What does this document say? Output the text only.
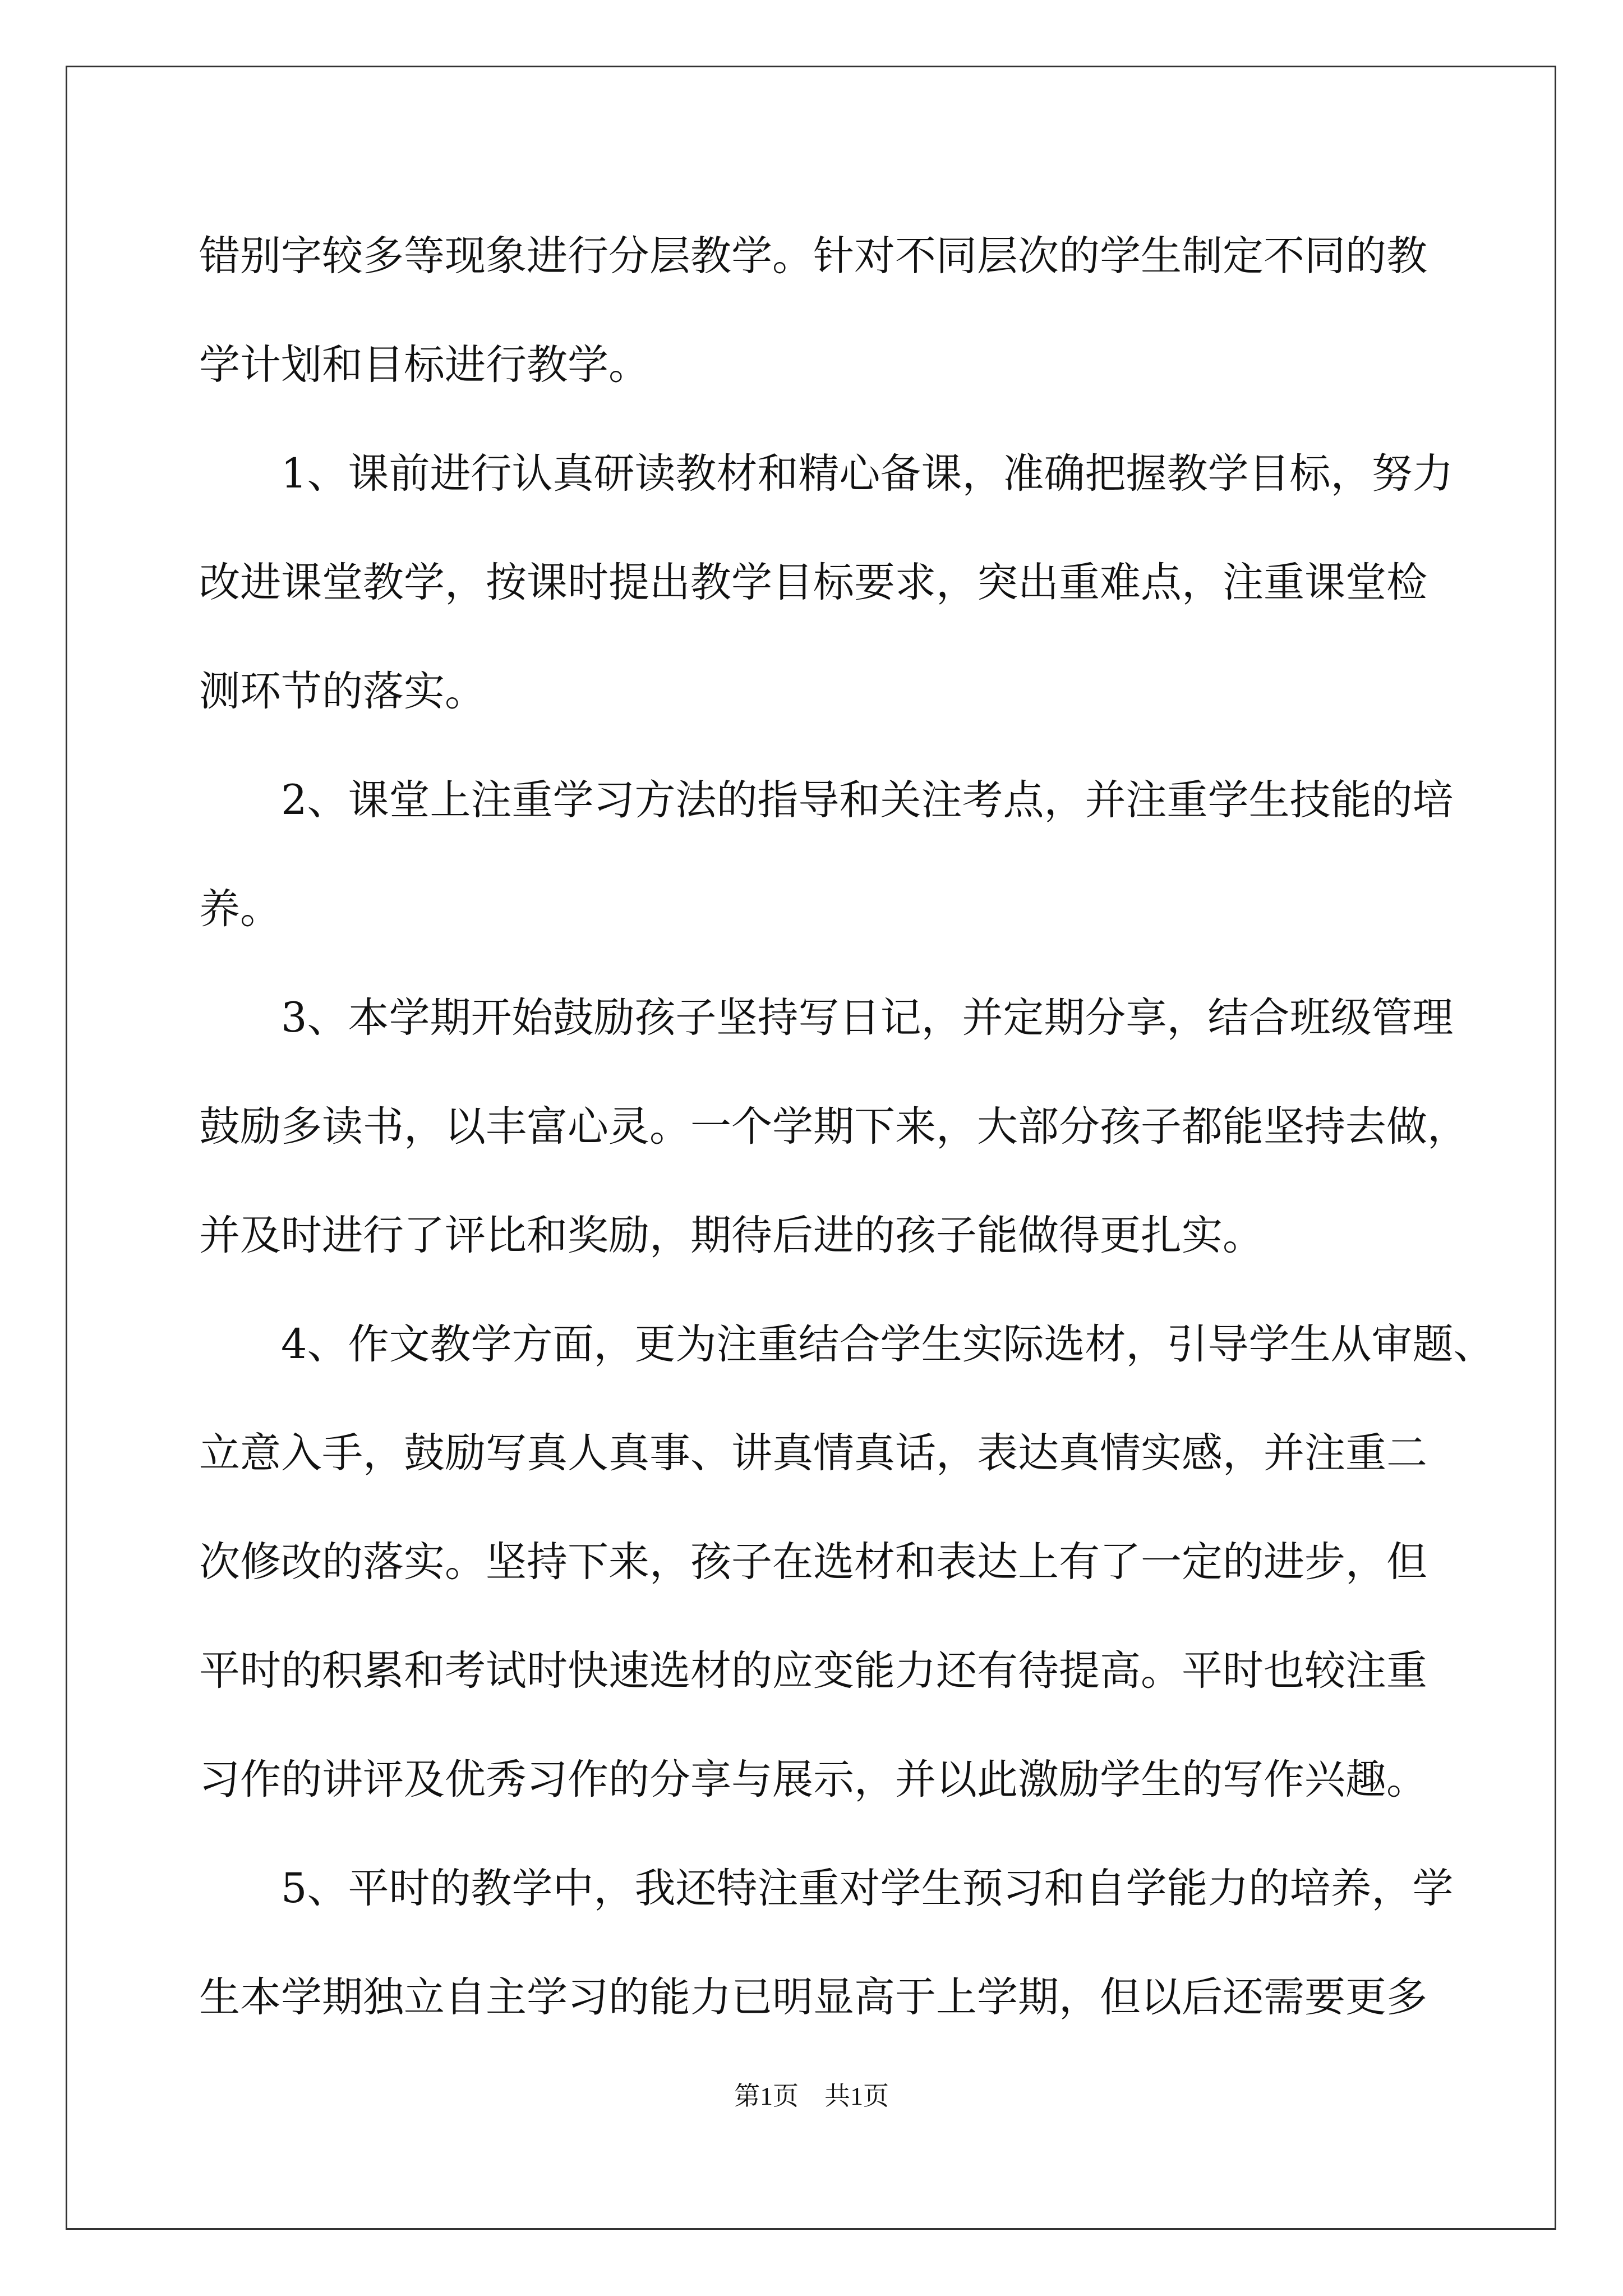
错别字较多等现象进行分层教学。针对不同层次的学生制定不同的教
学计划和目标进行教学。
1、课前进行认真研读教材和精心备课，准确把握教学目标，努力
改进课堂教学，按课时提出教学目标要求，突出重难点，注重课堂检
测环节的落实。
2、课堂上注重学习方法的指导和关注考点，并注重学生技能的培
养。
3、本学期开始鼓励孩子坚持写日记，并定期分享，结合班级管理
鼓励多读书，以丰富心灵。一个学期下来，大部分孩子都能坚持去做，
并及时进行了评比和奖励，期待后进的孩子能做得更扎实。
4、作文教学方面，更为注重结合学生实际选材，引导学生从审题、
立意入手，鼓励写真人真事、讲真情真话，表达真情实感，并注重二
次修改的落实。坚持下来，孩子在选材和表达上有了一定的进步，但
平时的积累和考试时快速选材的应变能力还有待提高。平时也较注重
习作的讲评及优秀习作的分享与展示，并以此激励学生的写作兴趣。
5、平时的教学中，我还特注重对学生预习和自学能力的培养，学
生本学期独立自主学习的能力已明显高于上学期，但以后还需要更多
第1页 共1页
